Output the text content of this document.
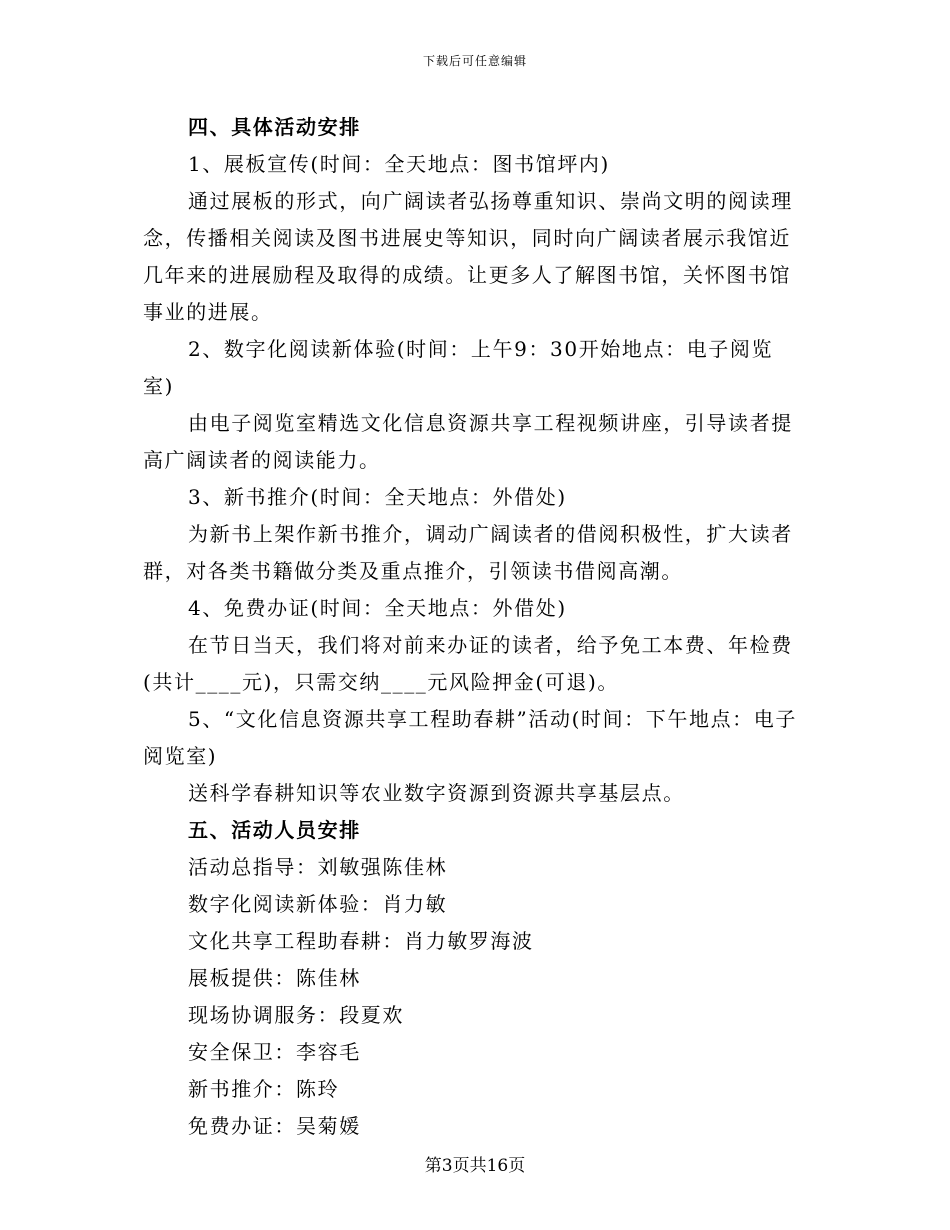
下载后可任意编辑

四、具体活动安排

1、展板宣传(时间：全天地点：图书馆坪内)

通过展板的形式，向广阔读者弘扬尊重知识、崇尚文明的阅读理念，传播相关阅读及图书进展史等知识，同时向广阔读者展示我馆近几年来的进展励程及取得的成绩。让更多人了解图书馆，关怀图书馆事业的进展。

2、数字化阅读新体验(时间：上午9：30开始地点：电子阅览室)

由电子阅览室精选文化信息资源共享工程视频讲座，引导读者提高广阔读者的阅读能力。

3、新书推介(时间：全天地点：外借处)

为新书上架作新书推介，调动广阔读者的借阅积极性，扩大读者群，对各类书籍做分类及重点推介，引领读书借阅高潮。

4、免费办证(时间：全天地点：外借处)

在节日当天，我们将对前来办证的读者，给予免工本费、年检费(共计____元)，只需交纳____元风险押金(可退)。

5、“文化信息资源共享工程助春耕”活动(时间：下午地点：电子阅览室)

送科学春耕知识等农业数字资源到资源共享基层点。

五、活动人员安排

活动总指导：刘敏强陈佳林

数字化阅读新体验：肖力敏

文化共享工程助春耕：肖力敏罗海波

展板提供：陈佳林

现场协调服务：段夏欢

安全保卫：李容毛

新书推介：陈玲

免费办证：吴菊媛

第3页共16页
